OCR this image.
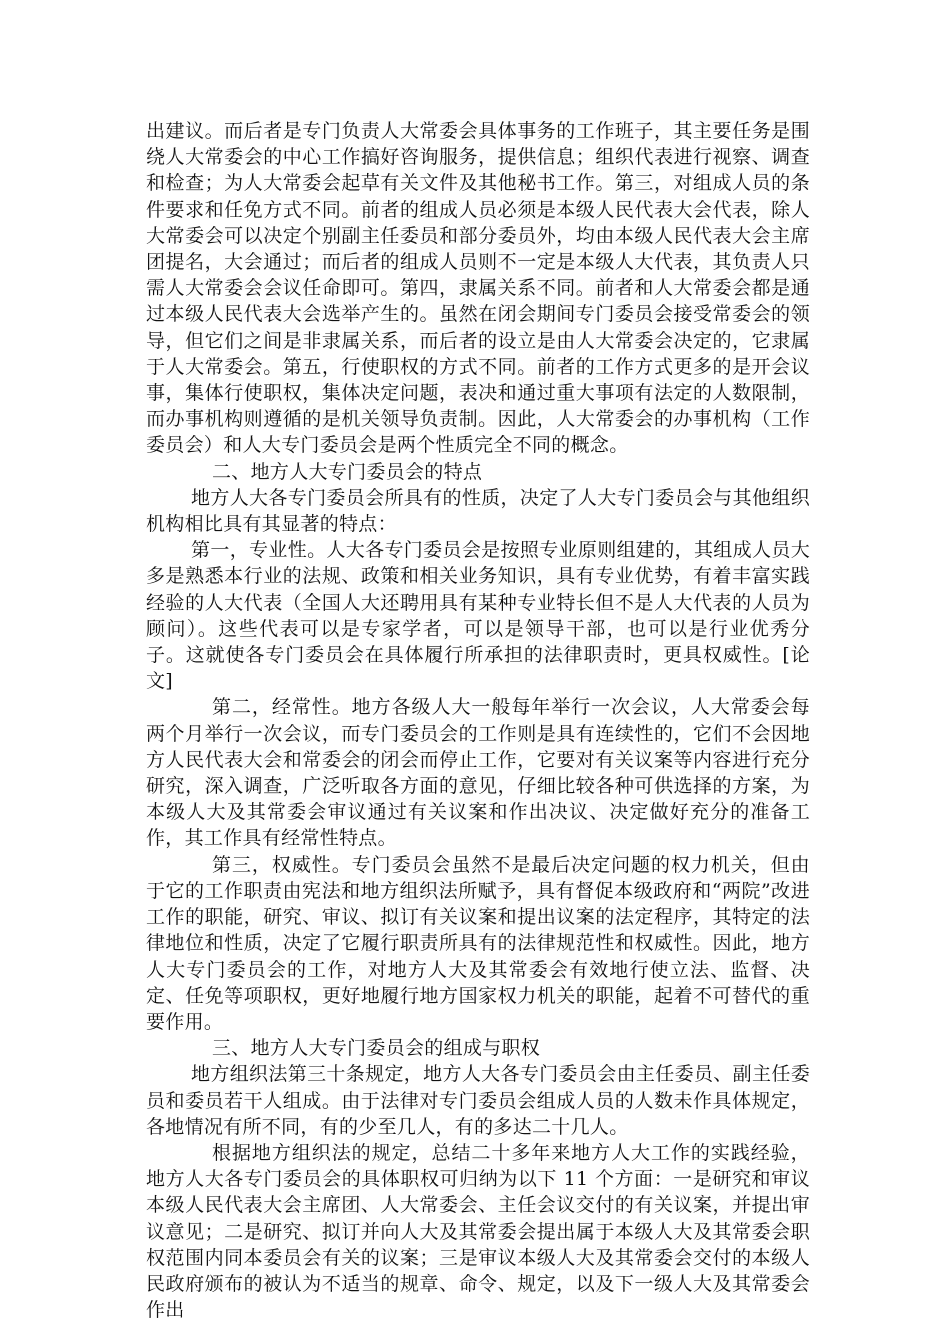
出建议。而后者是专门负责人大常委会具体事务的工作班子，其主要任务是围绕人大常委会的中心工作搞好咨询服务，提供信息；组织代表进行视察、调查和检查；为人大常委会起草有关文件及其他秘书工作。第三，对组成人员的条件要求和任免方式不同。前者的组成人员必须是本级人民代表大会代表，除人大常委会可以决定个别副主任委员和部分委员外，均由本级人民代表大会主席团提名，大会通过；而后者的组成人员则不一定是本级人大代表，其负责人只需人大常委会会议任命即可。第四，隶属关系不同。前者和人大常委会都是通过本级人民代表大会选举产生的。虽然在闭会期间专门委员会接受常委会的领导，但它们之间是非隶属关系，而后者的设立是由人大常委会决定的，它隶属于人大常委会。第五，行使职权的方式不同。前者的工作方式更多的是开会议事，集体行使职权，集体决定问题，表决和通过重大事项有法定的人数限制，而办事机构则遵循的是机关领导负责制。因此，人大常委会的办事机构（工作委员会）和人大专门委员会是两个性质完全不同的概念。

二、地方人大专门委员会的特点

地方人大各专门委员会所具有的性质，决定了人大专门委员会与其他组织机构相比具有其显著的特点：

第一，专业性。人大各专门委员会是按照专业原则组建的，其组成人员大多是熟悉本行业的法规、政策和相关业务知识，具有专业优势，有着丰富实践经验的人大代表（全国人大还聘用具有某种专业特长但不是人大代表的人员为顾问）。这些代表可以是专家学者，可以是领导干部，也可以是行业优秀分子。这就使各专门委员会在具体履行所承担的法律职责时，更具权威性。[论文]

第二，经常性。地方各级人大一般每年举行一次会议，人大常委会每两个月举行一次会议，而专门委员会的工作则是具有连续性的，它们不会因地方人民代表大会和常委会的闭会而停止工作，它要对有关议案等内容进行充分研究，深入调查，广泛听取各方面的意见，仔细比较各种可供选择的方案，为本级人大及其常委会审议通过有关议案和作出决议、决定做好充分的准备工作，其工作具有经常性特点。

第三，权威性。专门委员会虽然不是最后决定问题的权力机关，但由于它的工作职责由宪法和地方组织法所赋予，具有督促本级政府和“两院”改进工作的职能，研究、审议、拟订有关议案和提出议案的法定程序，其特定的法律地位和性质，决定了它履行职责所具有的法律规范性和权威性。因此，地方人大专门委员会的工作，对地方人大及其常委会有效地行使立法、监督、决定、任免等项职权，更好地履行地方国家权力机关的职能，起着不可替代的重要作用。

三、地方人大专门委员会的组成与职权

地方组织法第三十条规定，地方人大各专门委员会由主任委员、副主任委员和委员若干人组成。由于法律对专门委员会组成人员的人数未作具体规定，各地情况有所不同，有的少至几人，有的多达二十几人。

根据地方组织法的规定，总结二十多年来地方人大工作的实践经验，地方人大各专门委员会的具体职权可归纳为以下 11 个方面：一是研究和审议本级人民代表大会主席团、人大常委会、主任会议交付的有关议案，并提出审议意见；二是研究、拟订并向人大及其常委会提出属于本级人大及其常委会职权范围内同本委员会有关的议案；三是审议本级人大及其常委会交付的本级人民政府颁布的被认为不适当的规章、命令、规定，以及下一级人大及其常委会作出
